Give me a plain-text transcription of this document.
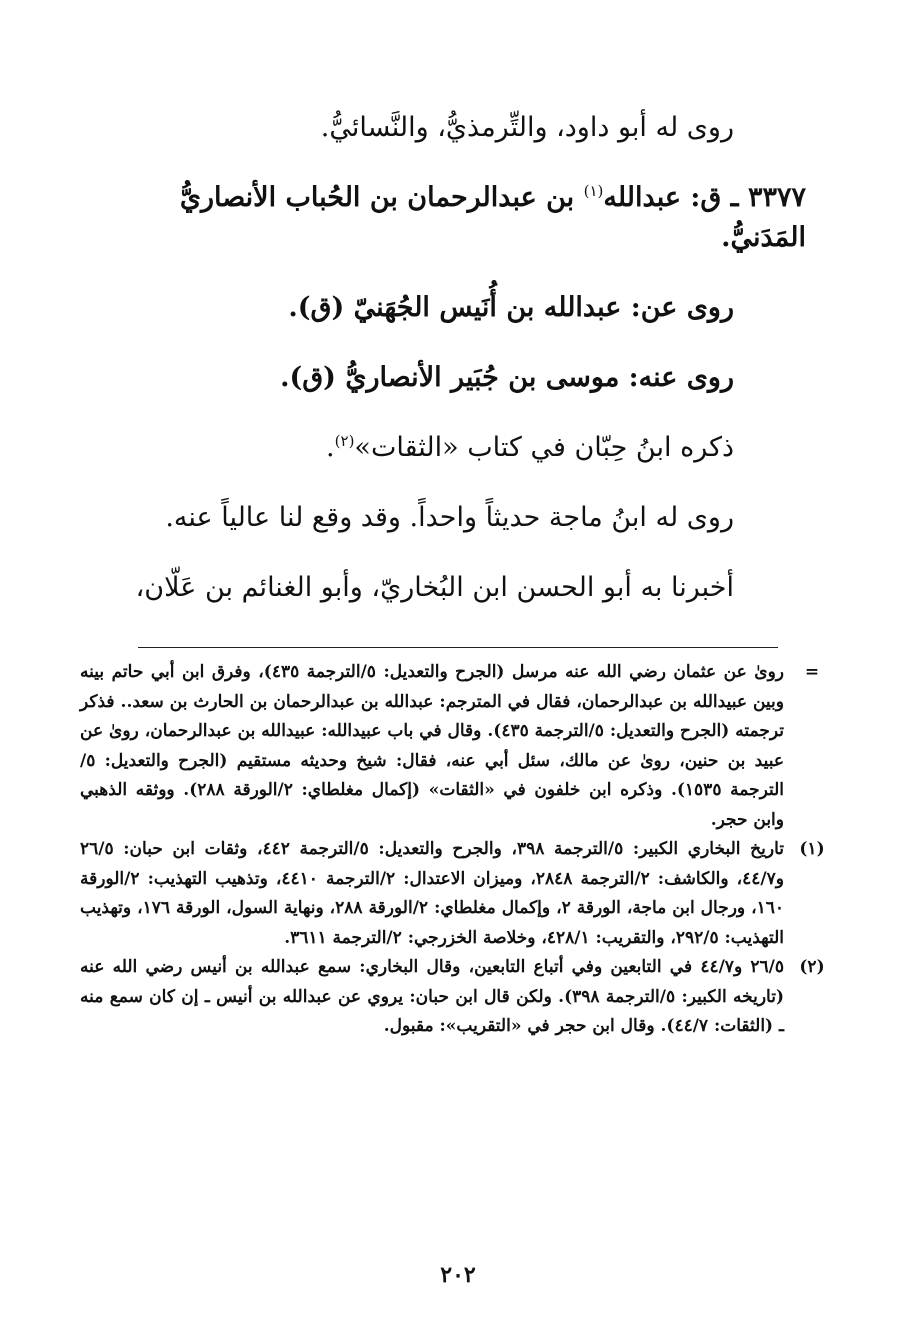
روى له أبو داود، والتِّرمذيُّ، والنَّسائيُّ.

٣٣٧٧ ـ ق: عبدالله$^{(١)}$ بن عبدالرحمان بن الحُباب الأنصاريُّ المَدَنيُّ.

روى عن: عبدالله بن أُنَيس الجُهَنيّ (ق).

روى عنه: موسى بن جُبَير الأنصاريُّ (ق).

ذكره ابنُ حِبّان في كتاب «الثقات»$^{(٢)}$.

روى له ابنُ ماجة حديثاً واحداً. وقد وقع لنا عالياً عنه.

أخبرنا به أبو الحسن ابن البُخاريّ، وأبو الغنائم بن عَلّان،

=
روىٰ عن عثمان رضي الله عنه مرسل (الجرح والتعديل: ٥/الترجمة ٤٣٥)، وفرق ابن أبي حاتم بينه وبين عبيدالله بن عبدالرحمان، فقال في المترجم: عبدالله بن عبدالرحمان بن الحارث بن سعد.. فذكر ترجمته (الجرح والتعديل: ٥/الترجمة ٤٣٥). وقال في باب عبيدالله: عبيدالله بن عبدالرحمان، روىٰ عن عبيد بن حنين، روىٰ عن مالك، سئل أبي عنه، فقال: شيخ وحديثه مستقيم (الجرح والتعديل: ٥/الترجمة ١٥٣٥). وذكره ابن خلفون في «الثقات» (إكمال مغلطاي: ٢/الورقة ٢٨٨). ووثقه الذهبي وابن حجر.

(١)
تاريخ البخاري الكبير: ٥/الترجمة ٣٩٨، والجرح والتعديل: ٥/الترجمة ٤٤٢، وثقات ابن حبان: ٢٦/٥ و٤٤/٧، والكاشف: ٢/الترجمة ٢٨٤٨، وميزان الاعتدال: ٢/الترجمة ٤٤١٠، وتذهيب التهذيب: ٢/الورقة ١٦٠، ورجال ابن ماجة، الورقة ٢، وإكمال مغلطاي: ٢/الورقة ٢٨٨، ونهاية السول، الورقة ١٧٦، وتهذيب التهذيب: ٢٩٢/٥، والتقريب: ٤٢٨/١، وخلاصة الخزرجي: ٢/الترجمة ٣٦١١.

(٢)
٢٦/٥ و٤٤/٧ في التابعين وفي أتباع التابعين، وقال البخاري: سمع عبدالله بن أنيس رضي الله عنه (تاريخه الكبير: ٥/الترجمة ٣٩٨). ولكن قال ابن حبان: يروي عن عبدالله بن أنيس ـ إن كان سمع منه ـ (الثقات: ٤٤/٧). وقال ابن حجر في «التقريب»: مقبول.

٢٠٢
